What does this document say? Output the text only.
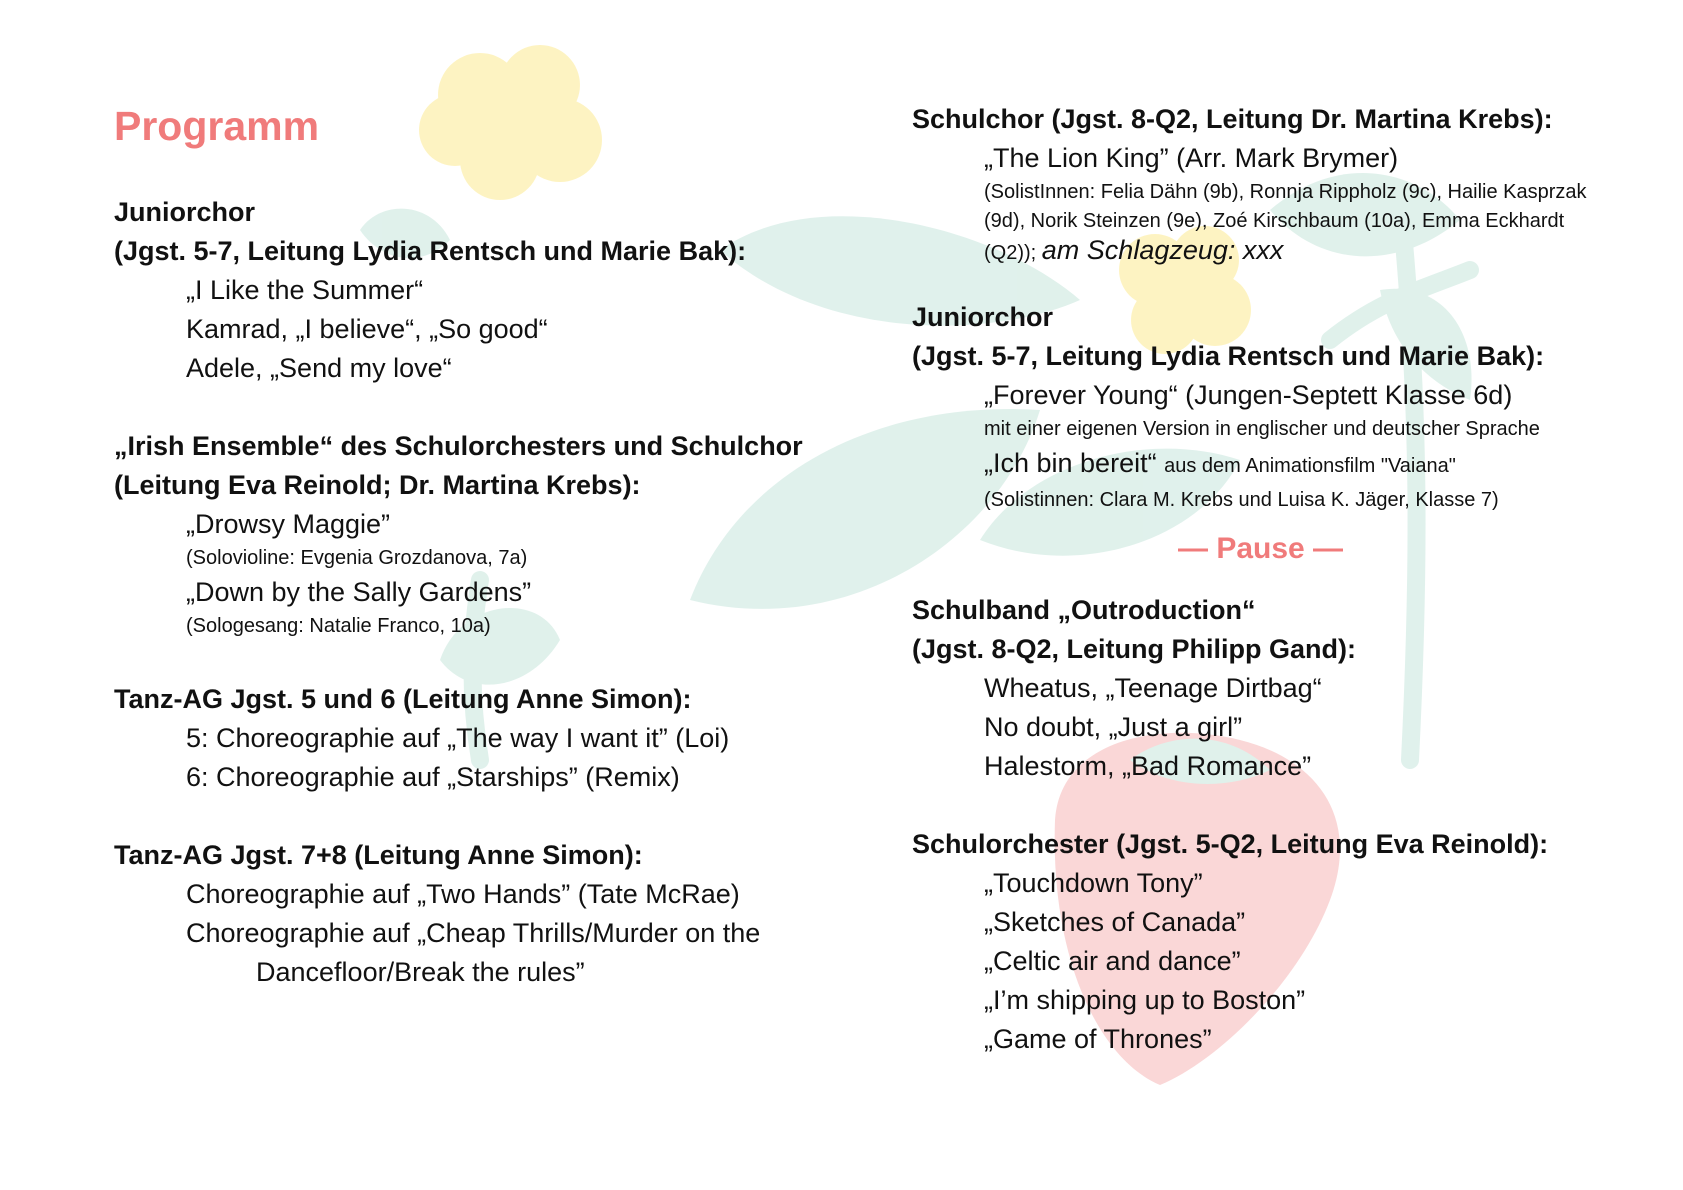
Programm
Juniorchor
(Jgst. 5-7, Leitung Lydia Rentsch und Marie Bak):
„I Like the Summer“
Kamrad, „I believe“, „So good“
Adele, „Send my love“
„Irish Ensemble“ des Schulorchesters und Schulchor
(Leitung Eva Reinold; Dr. Martina Krebs):
„Drowsy Maggie”
(Solovioline: Evgenia Grozdanova, 7a)
„Down by the Sally Gardens”
(Sologesang: Natalie Franco, 10a)
Tanz-AG Jgst. 5 und 6 (Leitung Anne Simon):
5: Choreographie auf „The way I want it” (Loi)
6: Choreographie auf „Starships” (Remix)
Tanz-AG Jgst. 7+8 (Leitung Anne Simon):
Choreographie auf „Two Hands” (Tate McRae)
Choreographie auf „Cheap Thrills/Murder on the
Dancefloor/Break the rules”
Schulchor (Jgst. 8-Q2, Leitung Dr. Martina Krebs):
„The Lion King” (Arr. Mark Brymer)
(SolistInnen: Felia Dähn (9b), Ronnja Rippholz (9c), Hailie Kasprzak
(9d), Norik Steinzen (9e), Zoé Kirschbaum (10a), Emma Eckhardt
(Q2)); am Schlagzeug: xxx
Juniorchor
(Jgst. 5-7, Leitung Lydia Rentsch und Marie Bak):
„Forever Young“ (Jungen-Septett Klasse 6d)
mit einer eigenen Version in englischer und deutscher Sprache
„Ich bin bereit“ aus dem Animationsfilm "Vaiana"
(Solistinnen: Clara M. Krebs und Luisa K. Jäger, Klasse 7)
— Pause —
Schulband „Outroduction“
(Jgst. 8-Q2, Leitung Philipp Gand):
Wheatus, „Teenage Dirtbag“
No doubt, „Just a girl”
Halestorm, „Bad Romance”
Schulorchester (Jgst. 5-Q2, Leitung Eva Reinold):
„Touchdown Tony”
„Sketches of Canada”
„Celtic air and dance”
„I’m shipping up to Boston”
„Game of Thrones”
